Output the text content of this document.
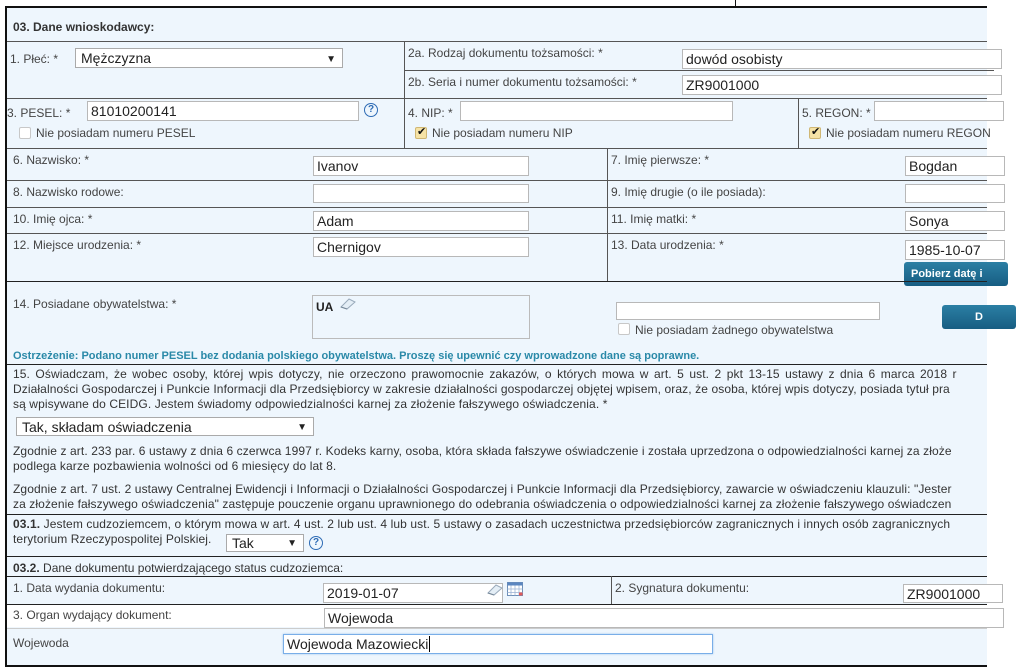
03. Dane wnioskodawcy:
1. Płeć: *	Mężczyzna	▼	2a. Rodzaj dokumentu tożsamości: *	dowód osobisty
2b. Seria i numer dokumentu tożsamości: *	ZR9001000
3. PESEL: * 81010200141	?
Nie posiadam numeru PESEL
4. NIP: *
✔
Nie posiadam numeru NIP
5. REGON: *
✔
Nie posiadam numeru REGON
6. Nazwisko: *	Ivanov	7. Imię pierwsze: *	Bogdan
8. Nazwisko rodowe:	9. Imię drugie (o ile posiada):
10. Imię ojca: *	Adam	11. Imię matki: *	Sonya
12. Miejsce urodzenia: *	Chernigov	13. Data urodzenia: *	1985-10-07
Pobierz datę i
14. Posiadane obywatelstwa: *	UA
Nie posiadam żadnego obywatelstwa
D
Ostrzeżenie: Podano numer PESEL bez dodania polskiego obywatelstwa. Proszę się upewnić czy wprowadzone dane są poprawne.
15. Oświadczam, że wobec osoby, której wpis dotyczy, nie orzeczono prawomocnie zakazów, o których mowa w art. 5 ust. 2 pkt 13-15 ustawy z dnia 6 marca 2018 r
Działalności Gospodarczej i Punkcie Informacji dla Przedsiębiorcy w zakresie działalności gospodarczej objętej wpisem, oraz, że osoba, której wpis dotyczy, posiada tytuł pra
są wpisywane do CEIDG. Jestem świadomy odpowiedzialności karnej za złożenie fałszywego oświadczenia. *
Tak, składam oświadczenia	▼
Zgodnie z art. 233 par. 6 ustawy z dnia 6 czerwca 1997 r. Kodeks karny, osoba, która składa fałszywe oświadczenie i została uprzedzona o odpowiedzialności karnej za złoże
podlega karze pozbawienia wolności od 6 miesięcy do lat 8.
Zgodnie z art. 7 ust. 2 ustawy Centralnej Ewidencji i Informacji o Działalności Gospodarczej i Punkcie Informacji dla Przedsiębiorcy, zawarcie w oświadczeniu klauzuli: "Jester
za złożenie fałszywego oświadczenia" zastępuje pouczenie organu uprawnionego do odebrania oświadczenia o odpowiedzialności karnej za złożenie fałszywego oświadczen
03.1. Jestem cudzoziemcem, o którym mowa w art. 4 ust. 2 lub ust. 4 lub ust. 5 ustawy o zasadach uczestnictwa przedsiębiorców zagranicznych i innych osób zagranicznych
terytorium Rzeczypospolitej Polskiej.	Tak	▼	?
03.2. Dane dokumentu potwierdzającego status cudzoziemca:
1. Data wydania dokumentu:	2019-01-07	2. Sygnatura dokumentu:	ZR9001000
3. Organ wydający dokument:	Wojewoda
Wojewoda	Wojewoda Mazowiecki
